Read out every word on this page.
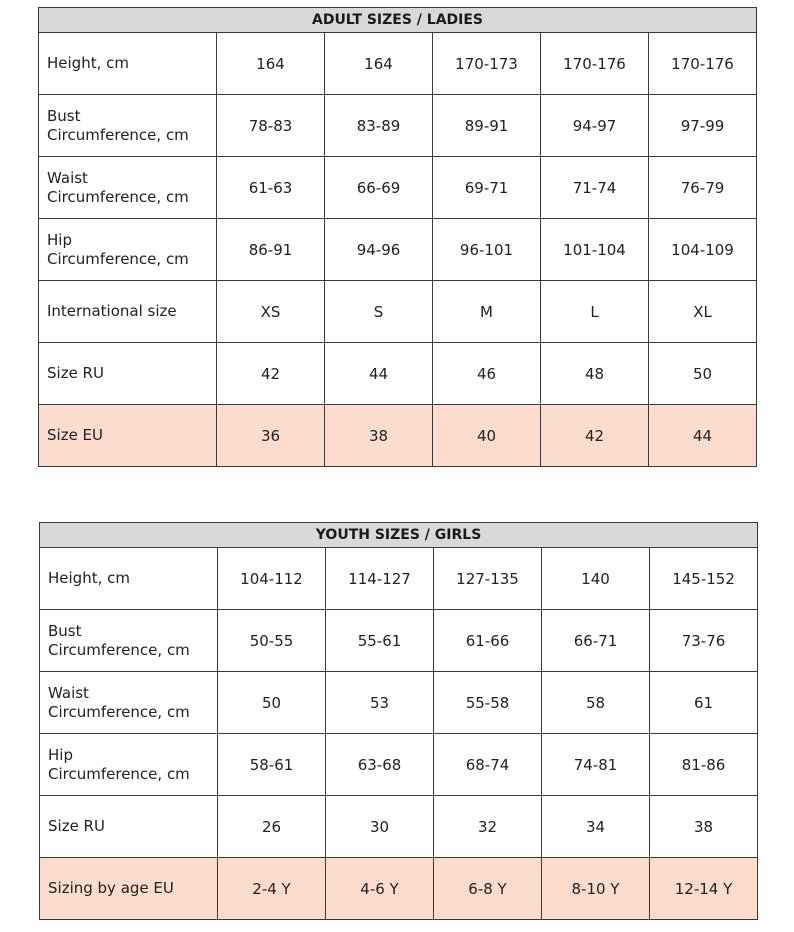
ADULT SIZES / LADIES					

Height, cm	164	164	170-173	170-176	170-176

Bust
Circumference, cm	78-83	83-89	89-91	94-97	97-99

Waist
Circumference, cm	61-63	66-69	69-71	71-74	76-79

Hip
Circumference, cm	86-91	94-96	96-101	101-104	104-109

International size	XS	S	M	L	XL

Size RU	42	44	46	48	50

Size EU	36	38	40	42	44
YOUTH SIZES / GIRLS					

Height, cm	104-112	114-127	127-135	140	145-152

Bust
Circumference, cm	50-55	55-61	61-66	66-71	73-76

Waist
Circumference, cm	50	53	55-58	58	61

Hip
Circumference, cm	58-61	63-68	68-74	74-81	81-86

Size RU	26	30	32	34	38

Sizing by age EU	2-4 Y	4-6 Y	6-8 Y	8-10 Y	12-14 Y
